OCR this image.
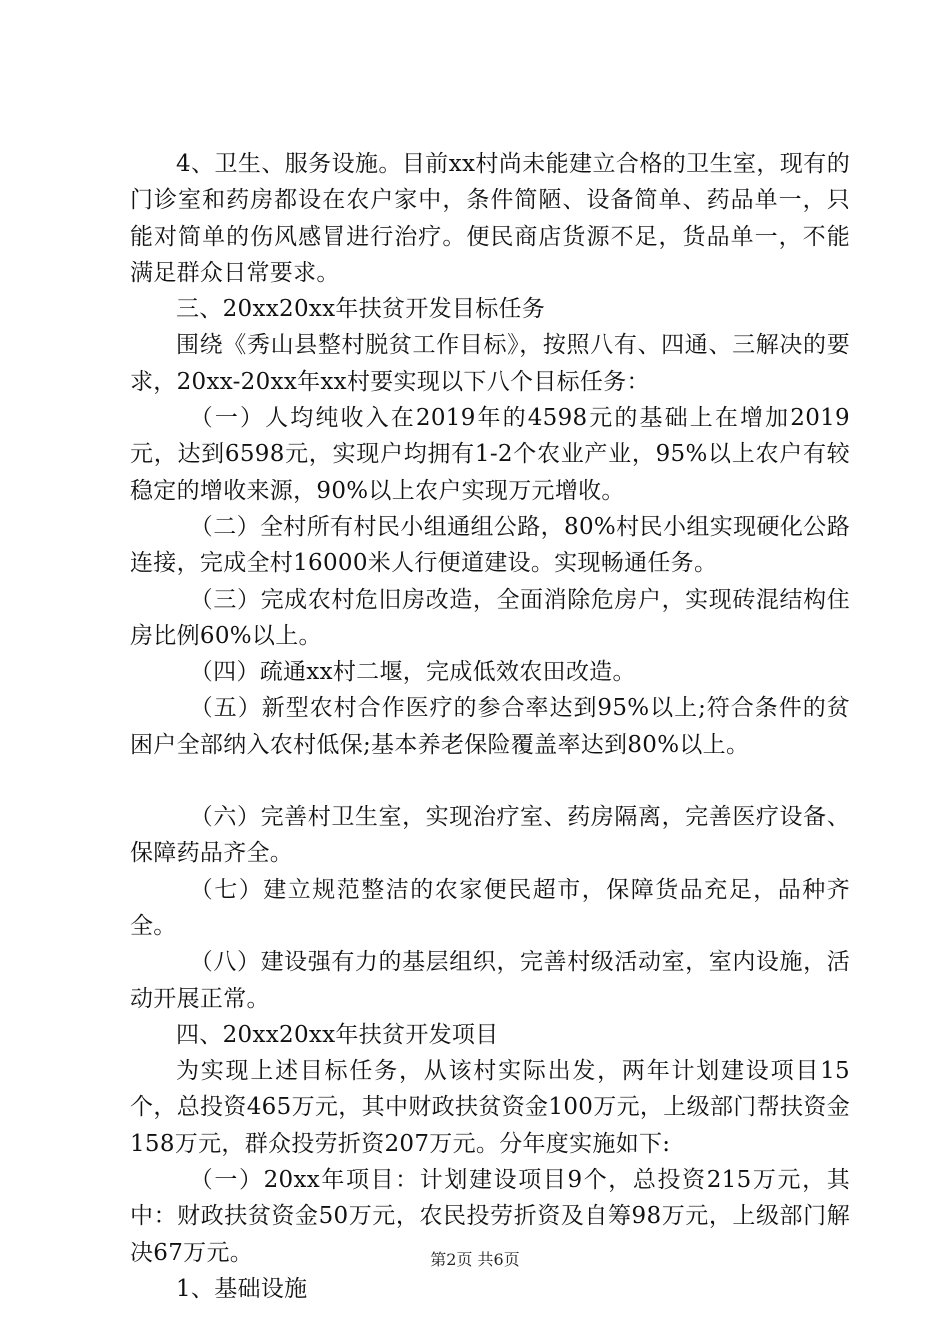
4、卫生、服务设施。目前xx村尚未能建立合格的卫生室，现有的门诊室和药房都设在农户家中，条件简陋、设备简单、药品单一，只能对简单的伤风感冒进行治疗。便民商店货源不足，货品单一，不能满足群众日常要求。

三、20xx20xx年扶贫开发目标任务

围绕《秀山县整村脱贫工作目标》，按照八有、四通、三解决的要求，20xx-20xx年xx村要实现以下八个目标任务：

（一）人均纯收入在2019年的4598元的基础上在增加2019元，达到6598元，实现户均拥有1-2个农业产业，95%以上农户有较稳定的增收来源，90%以上农户实现万元增收。

（二）全村所有村民小组通组公路，80%村民小组实现硬化公路连接，完成全村16000米人行便道建设。实现畅通任务。

（三）完成农村危旧房改造，全面消除危房户，实现砖混结构住房比例60%以上。

（四）疏通xx村二堰，完成低效农田改造。

（五）新型农村合作医疗的参合率达到95%以上;符合条件的贫困户全部纳入农村低保;基本养老保险覆盖率达到80%以上。

（六）完善村卫生室，实现治疗室、药房隔离，完善医疗设备、保障药品齐全。

（七）建立规范整洁的农家便民超市，保障货品充足，品种齐全。

（八）建设强有力的基层组织，完善村级活动室，室内设施，活动开展正常。

四、20xx20xx年扶贫开发项目

为实现上述目标任务，从该村实际出发，两年计划建设项目15个，总投资465万元，其中财政扶贫资金100万元，上级部门帮扶资金158万元，群众投劳折资207万元。分年度实施如下:

（一）20xx年项目：计划建设项目9个，总投资215万元，其中：财政扶贫资金50万元，农民投劳折资及自筹98万元，上级部门解决67万元。

1、基础设施

第2页 共6页
